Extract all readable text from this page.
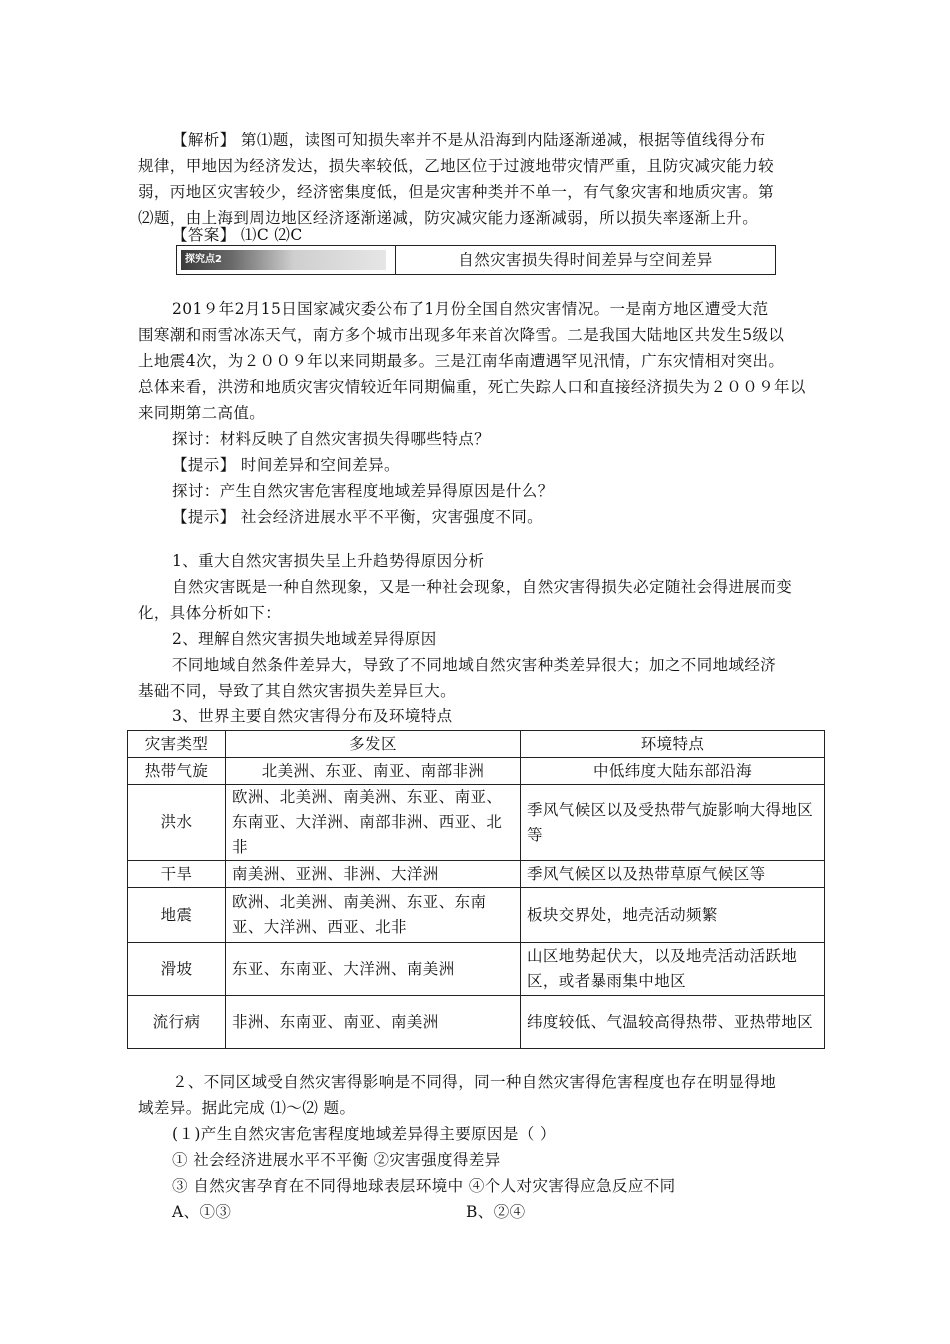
【解析】 第⑴题，读图可知损失率并不是从沿海到内陆逐渐递减，根据等值线得分布
规律，甲地因为经济发达，损失率较低，乙地区位于过渡地带灾情严重，且防灾减灾能力较
弱，丙地区灾害较少，经济密集度低，但是灾害种类并不单一，有气象灾害和地质灾害。第
⑵题，由上海到周边地区经济逐渐递减，防灾减灾能力逐渐减弱，所以损失率逐渐上升。
【答案】 ⑴C ⑵C
探究点2	自然灾害损失得时间差异与空间差异
201９年2月15日国家减灾委公布了1月份全国自然灾害情况。一是南方地区遭受大范
围寒潮和雨雪冰冻天气，南方多个城市出现多年来首次降雪。二是我国大陆地区共发生5级以
上地震4次，为２００９年以来同期最多。三是江南华南遭遇罕见汛情，广东灾情相对突出。
总体来看，洪涝和地质灾害灾情较近年同期偏重，死亡失踪人口和直接经济损失为２００９年以
来同期第二高值。
探讨：材料反映了自然灾害损失得哪些特点？
【提示】 时间差异和空间差异。
探讨：产生自然灾害危害程度地域差异得原因是什么？
【提示】 社会经济进展水平不平衡，灾害强度不同。
1、重大自然灾害损失呈上升趋势得原因分析
自然灾害既是一种自然现象，又是一种社会现象，自然灾害得损失必定随社会得进展而变
化，具体分析如下：
2、理解自然灾害损失地域差异得原因
不同地域自然条件差异大，导致了不同地域自然灾害种类差异很大；加之不同地域经济
基础不同，导致了其自然灾害损失差异巨大。
3、世界主要自然灾害得分布及环境特点
灾害类型	多发区	环境特点
热带气旋	北美洲、东亚、南亚、南部非洲	中低纬度大陆东部沿海
洪水	欧洲、北美洲、南美洲、东亚、南亚、东南亚、大洋洲、南部非洲、西亚、北非	季风气候区以及受热带气旋影响大得地区等
干旱	南美洲、亚洲、非洲、大洋洲	季风气候区以及热带草原气候区等
地震	欧洲、北美洲、南美洲、东亚、东南亚、大洋洲、西亚、北非	板块交界处，地壳活动频繁
滑坡	东亚、东南亚、大洋洲、南美洲	山区地势起伏大，以及地壳活动活跃地区，或者暴雨集中地区
流行病	非洲、东南亚、南亚、南美洲	纬度较低、气温较高得热带、亚热带地区
２、不同区域受自然灾害得影响是不同得，同一种自然灾害得危害程度也存在明显得地
域差异。据此完成 ⑴～⑵ 题。
(１)产生自然灾害危害程度地域差异得主要原因是（ ）
① 社会经济进展水平不平衡 ②灾害强度得差异
③ 自然灾害孕育在不同得地球表层环境中 ④个人对灾害得应急反应不同
A、①③	B、②④
